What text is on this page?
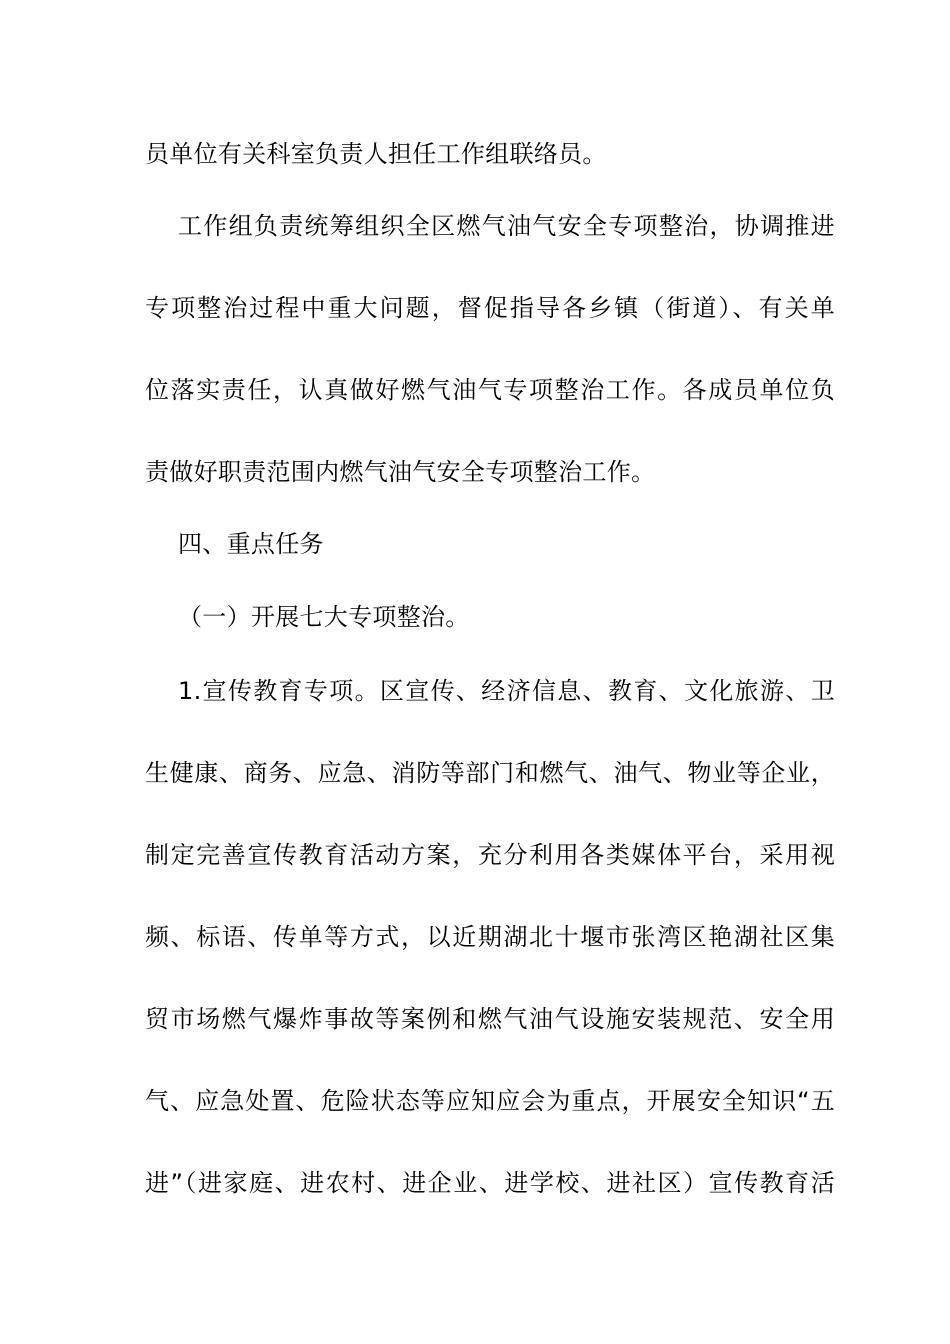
员单位有关科室负责人担任工作组联络员。
工作组负责统筹组织全区燃气油气安全专项整治，协调推进
专项整治过程中重大问题，督促指导各乡镇（街道）、有关单
位落实责任，认真做好燃气油气专项整治工作。各成员单位负
责做好职责范围内燃气油气安全专项整治工作。
四、重点任务
（一）开展七大专项整治。
1.宣传教育专项。区宣传、经济信息、教育、文化旅游、卫
生健康、商务、应急、消防等部门和燃气、油气、物业等企业，
制定完善宣传教育活动方案，充分利用各类媒体平台，采用视
频、标语、传单等方式，以近期湖北十堰市张湾区艳湖社区集
贸市场燃气爆炸事故等案例和燃气油气设施安装规范、安全用
气、应急处置、危险状态等应知应会为重点，开展安全知识“五
进”（进家庭、进农村、进企业、进学校、进社区）宣传教育活
